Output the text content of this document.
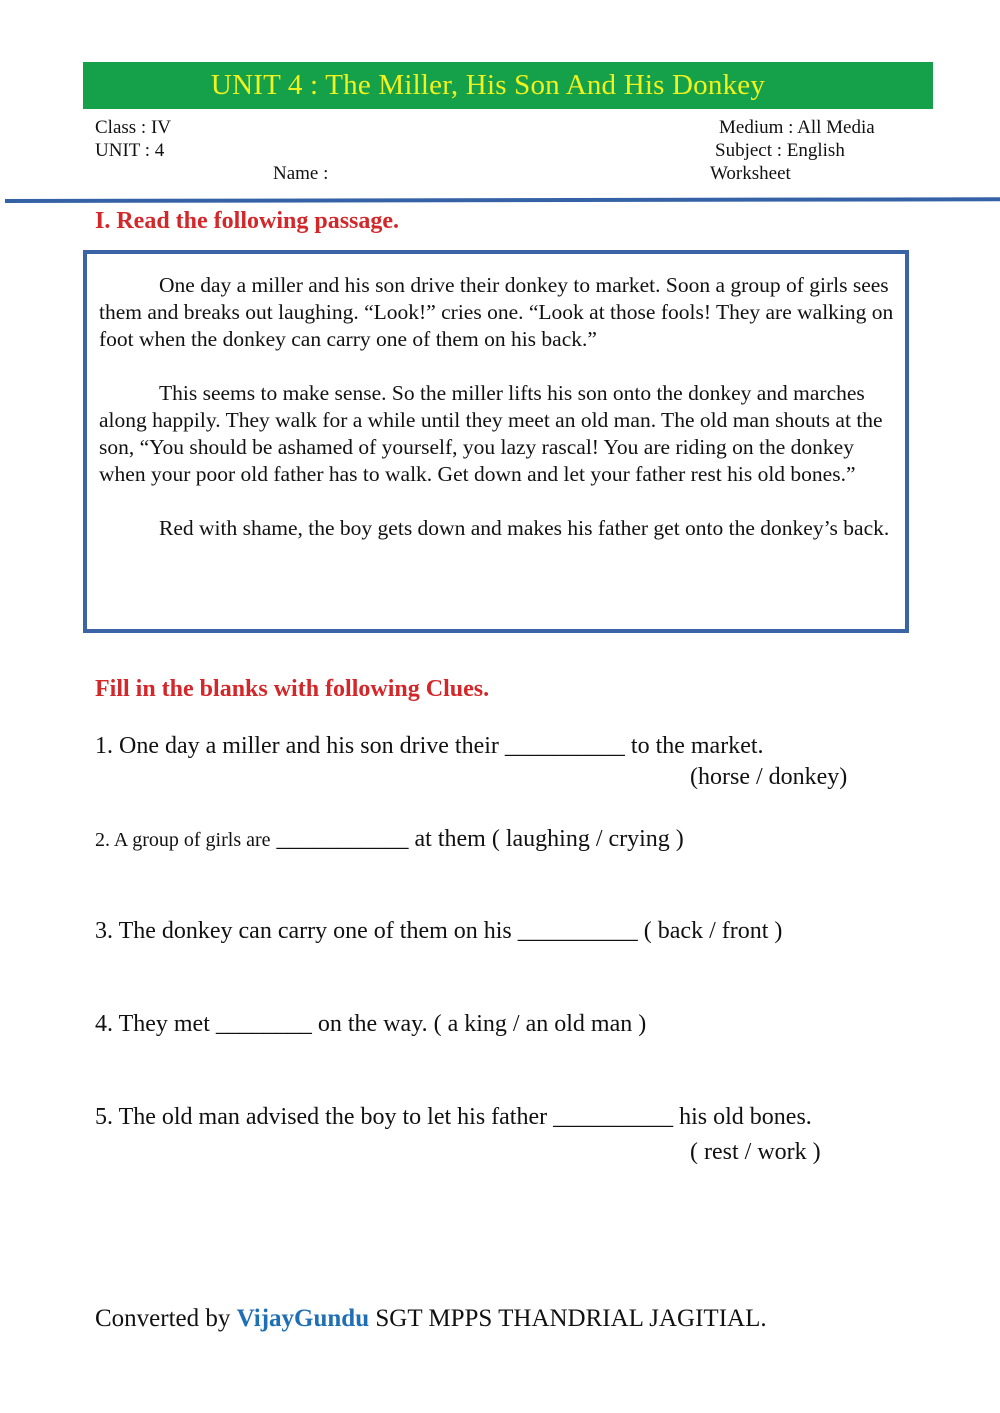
UNIT 4 : The Miller, His Son And His Donkey
Class : IV
UNIT : 4
Name :
Medium : All Media
Subject : English
Worksheet
I. Read the following passage.

One day a miller and his son drive their donkey to market. Soon a group of girls sees them and breaks out laughing. “Look!” cries one. “Look at those fools! They are walking on foot when the donkey can carry one of them on his back.”

This seems to make sense. So the miller lifts his son onto the donkey and marches along happily. They walk for a while until they meet an old man. The old man shouts at the son, “You should be ashamed of yourself, you lazy rascal! You are riding on the donkey when your poor old father has to walk. Get down and let your father rest his old bones.”

Red with shame, the boy gets down and makes his father get onto the donkey’s back.

Fill in the blanks with following Clues.
1. One day a miller and his son drive their __________ to the market.
(horse / donkey)
2. A group of girls are ___________ at them ( laughing / crying )
3. The donkey can carry one of them on his __________ ( back / front )
4. They met ________ on the way. ( a king / an old man )
5. The old man advised the boy to let his father __________ his old bones.
( rest / work )
Converted by VijayGundu SGT MPPS THANDRIAL JAGITIAL.
